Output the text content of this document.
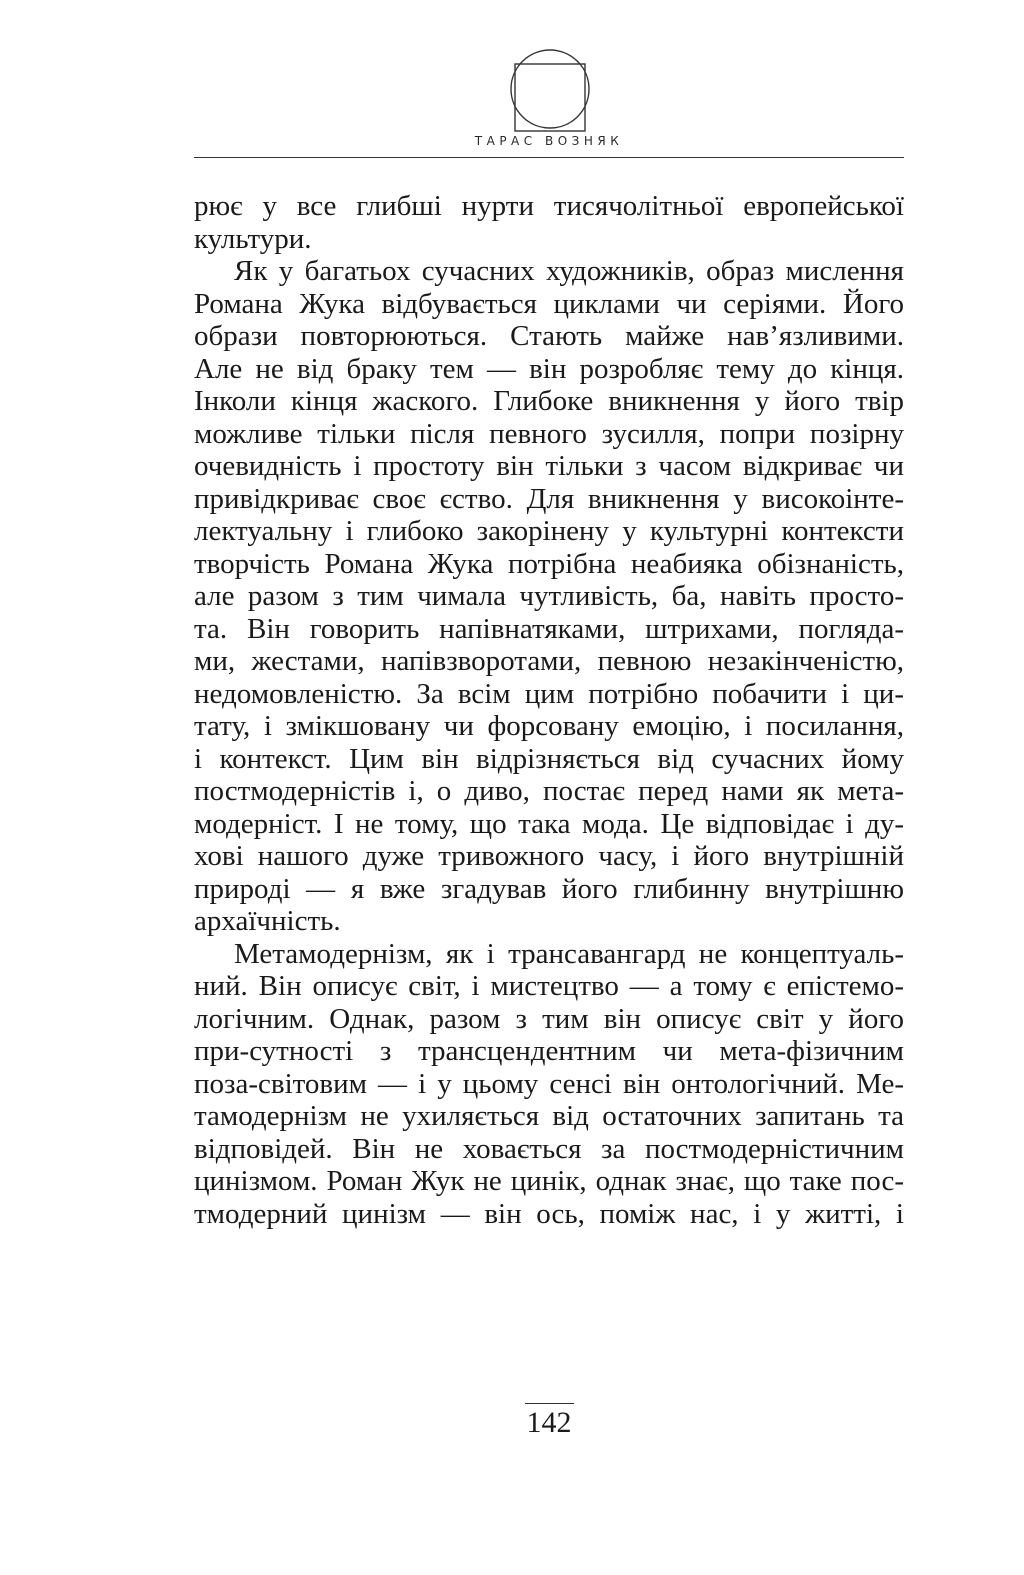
ТАРАС ВОЗНЯК
рює у все глибші нурти тисячолітньої европейської
культури.
Як у багатьох сучасних художників, образ мислення
Романа Жука відбувається циклами чи серіями. Його
образи повторюються. Стають майже нав’язливими.
Але не від браку тем — він розробляє тему до кінця.
Інколи кінця жаского. Глибоке вникнення у його твір
можливе тільки після певного зусилля, попри позірну
очевидність і простоту він тільки з часом відкриває чи
привідкриває своє єство. Для вникнення у високоінте-
лектуальну і глибоко закорінену у культурні контексти
творчість Романа Жука потрібна неабияка обізнаність,
але разом з тим чимала чутливість, ба, навіть просто-
та. Він говорить напівнатяками, штрихами, погляда-
ми, жестами, напівзворотами, певною незакінченістю,
недомовленістю. За всім цим потрібно побачити і ци-
тату, і змікшовану чи форсовану емоцію, і посилання,
і контекст. Цим він відрізняється від сучасних йому
постмодерністів і, о диво, постає перед нами як мета-
модерніст. І не тому, що така мода. Це відповідає і ду-
хові нашого дуже тривожного часу, і його внутрішній
природі — я вже згадував його глибинну внутрішню
архаїчність.
Метамодернізм, як і трансавангард не концептуаль-
ний. Він описує світ, і мистецтво — а тому є епістемо-
логічним. Однак, разом з тим він описує світ у його
при-сутності з трансцендентним чи мета-фізичним
поза-світовим — і у цьому сенсі він онтологічний. Ме-
тамодернізм не ухиляється від остаточних запитань та
відповідей. Він не ховається за постмодерністичним
цинізмом. Роман Жук не цинік, однак знає, що таке пос-
тмодерний цинізм — він ось, поміж нас, і у житті, і
142
